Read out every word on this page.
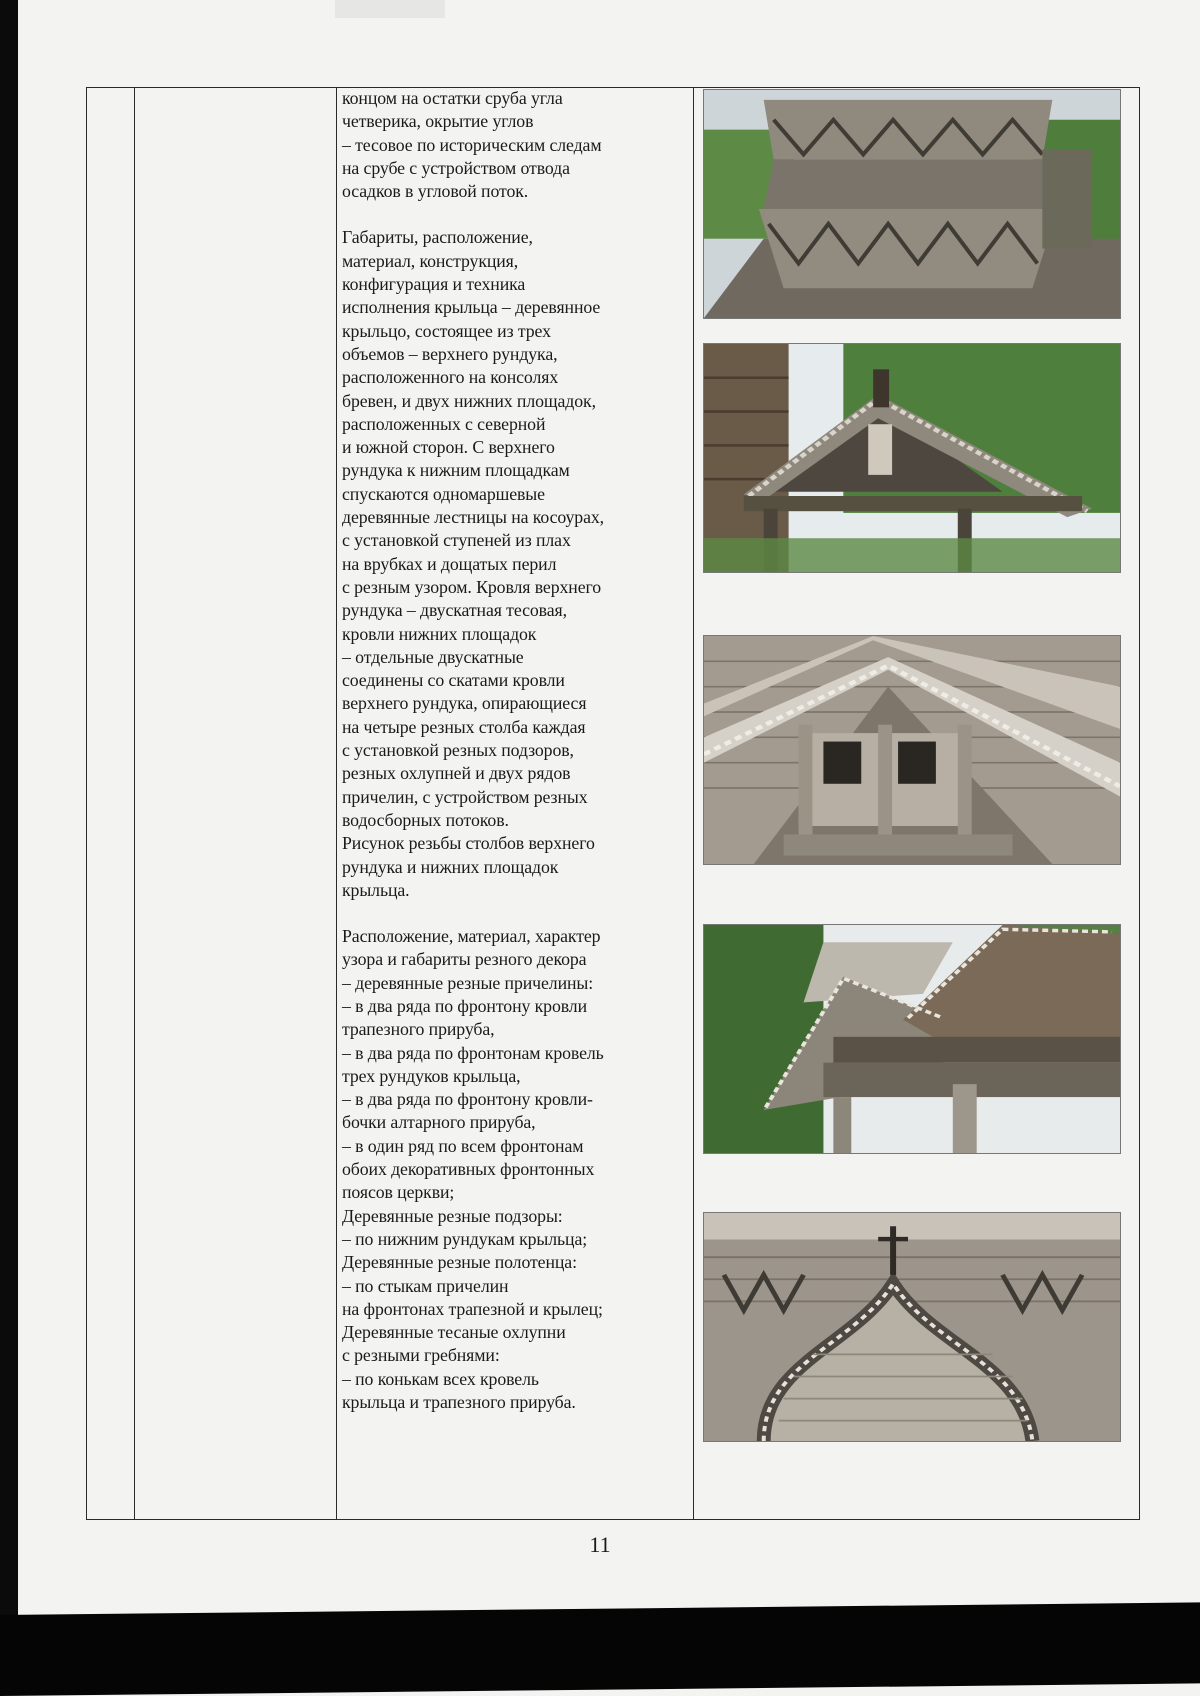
концом на остатки сруба угла
четверика, окрытие углов
– тесовое по историческим следам
на срубе с устройством отвода
осадков в угловой поток.

Габариты, расположение,
материал, конструкция,
конфигурация и техника
исполнения крыльца – деревянное
крыльцо, состоящее из трех
объемов – верхнего рундука,
расположенного на консолях
бревен, и двух нижних площадок,
расположенных с северной
и южной сторон. С верхнего
рундука к нижним площадкам
спускаются одномаршевые
деревянные лестницы на косоурах,
с установкой ступеней из плах
на врубках и дощатых перил
с резным узором. Кровля верхнего
рундука – двускатная тесовая,
кровли нижних площадок
– отдельные двускатные
соединены со скатами кровли
верхнего рундука, опирающиеся
на четыре резных столба каждая
с установкой резных подзоров,
резных охлупней и двух рядов
причелин, с устройством резных
водосборных потоков.
Рисунок резьбы столбов верхнего
рундука и нижних площадок
крыльца.

Расположение, материал, характер
узора и габариты резного декора
– деревянные резные причелины:
– в два ряда по фронтону кровли
трапезного прируба,
– в два ряда по фронтонам кровель
трех рундуков крыльца,
– в два ряда по фронтону кровли-
бочки алтарного прируба,
– в один ряд по всем фронтонам
обоих декоративных фронтонных
поясов церкви;
Деревянные резные подзоры:
– по нижним рундукам крыльца;
Деревянные резные полотенца:
– по стыкам причелин
на фронтонах трапезной и крылец;
Деревянные тесаные охлупни
с резными гребнями:
– по конькам всех кровель
крыльца и трапезного прируба.

11
